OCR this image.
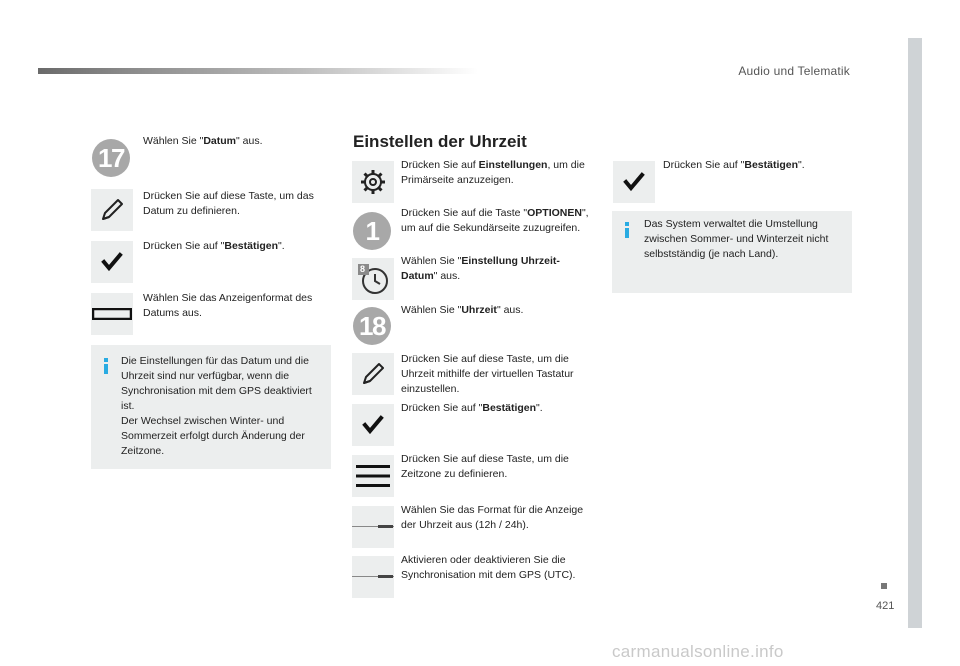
Audio und Telematik
421
carmanualsonline.info
17
Wählen Sie "Datum" aus.
Drücken Sie auf diese Taste, um das Datum zu definieren.
Drücken Sie auf "Bestätigen".
Wählen Sie das Anzeigenformat des Datums aus.
Die Einstellungen für das Datum und die Uhrzeit sind nur verfügbar, wenn die Synchronisation mit dem GPS deaktiviert ist.
Der Wechsel zwischen Winter- und Sommerzeit erfolgt durch Änderung der Zeitzone.
Einstellen der Uhrzeit
Drücken Sie auf Einstellungen, um die Primärseite anzuzeigen.
1
Drücken Sie auf die Taste "OPTIONEN", um auf die Sekundärseite zuzugreifen.
8
Wählen Sie "Einstellung Uhrzeit-Datum" aus.
18
Wählen Sie "Uhrzeit" aus.
Drücken Sie auf diese Taste, um die Uhrzeit mithilfe der virtuellen Tastatur einzustellen.
Drücken Sie auf "Bestätigen".
Drücken Sie auf diese Taste, um die Zeitzone zu definieren.
Wählen Sie das Format für die Anzeige der Uhrzeit aus (12h / 24h).
Aktivieren oder deaktivieren Sie die Synchronisation mit dem GPS (UTC).
Drücken Sie auf "Bestätigen".
Das System verwaltet die Umstellung zwischen Sommer- und Winterzeit nicht selbstständig (je nach Land).
